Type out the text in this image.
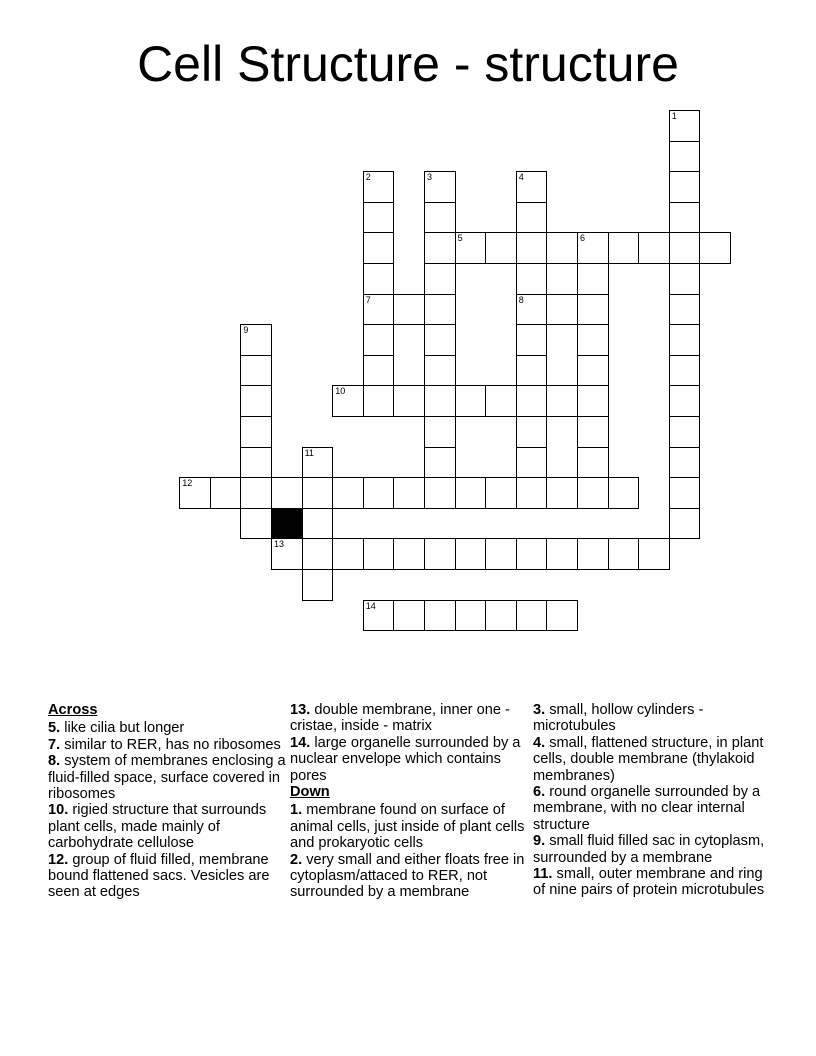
Cell Structure - structure
1
2
7
3	4
8
5	6
9
10
11
12
13
14
Across
5. like cilia but longer
7. similar to RER, has no ribosomes
8. system of membranes enclosing a fluid-filled space, surface covered in ribosomes
10. rigied structure that surrounds plant cells, made mainly of carbohydrate cellulose
12. group of fluid filled, membrane bound flattened sacs. Vesicles are seen at edges
13. double membrane, inner one - cristae, inside - matrix
14. large organelle surrounded by a nuclear envelope which contains pores
Down
1. membrane found on surface of animal cells, just inside of plant cells and prokaryotic cells
2. very small and either floats free in cytoplasm/attaced to RER, not surrounded by a membrane
3. small, hollow cylinders - microtubules
4. small, flattened structure, in plant cells, double membrane (thylakoid membranes)
6. round organelle surrounded by a membrane, with no clear internal structure
9. small fluid filled sac in cytoplasm, surrounded by a membrane
11. small, outer membrane and ring of nine pairs of protein microtubules
